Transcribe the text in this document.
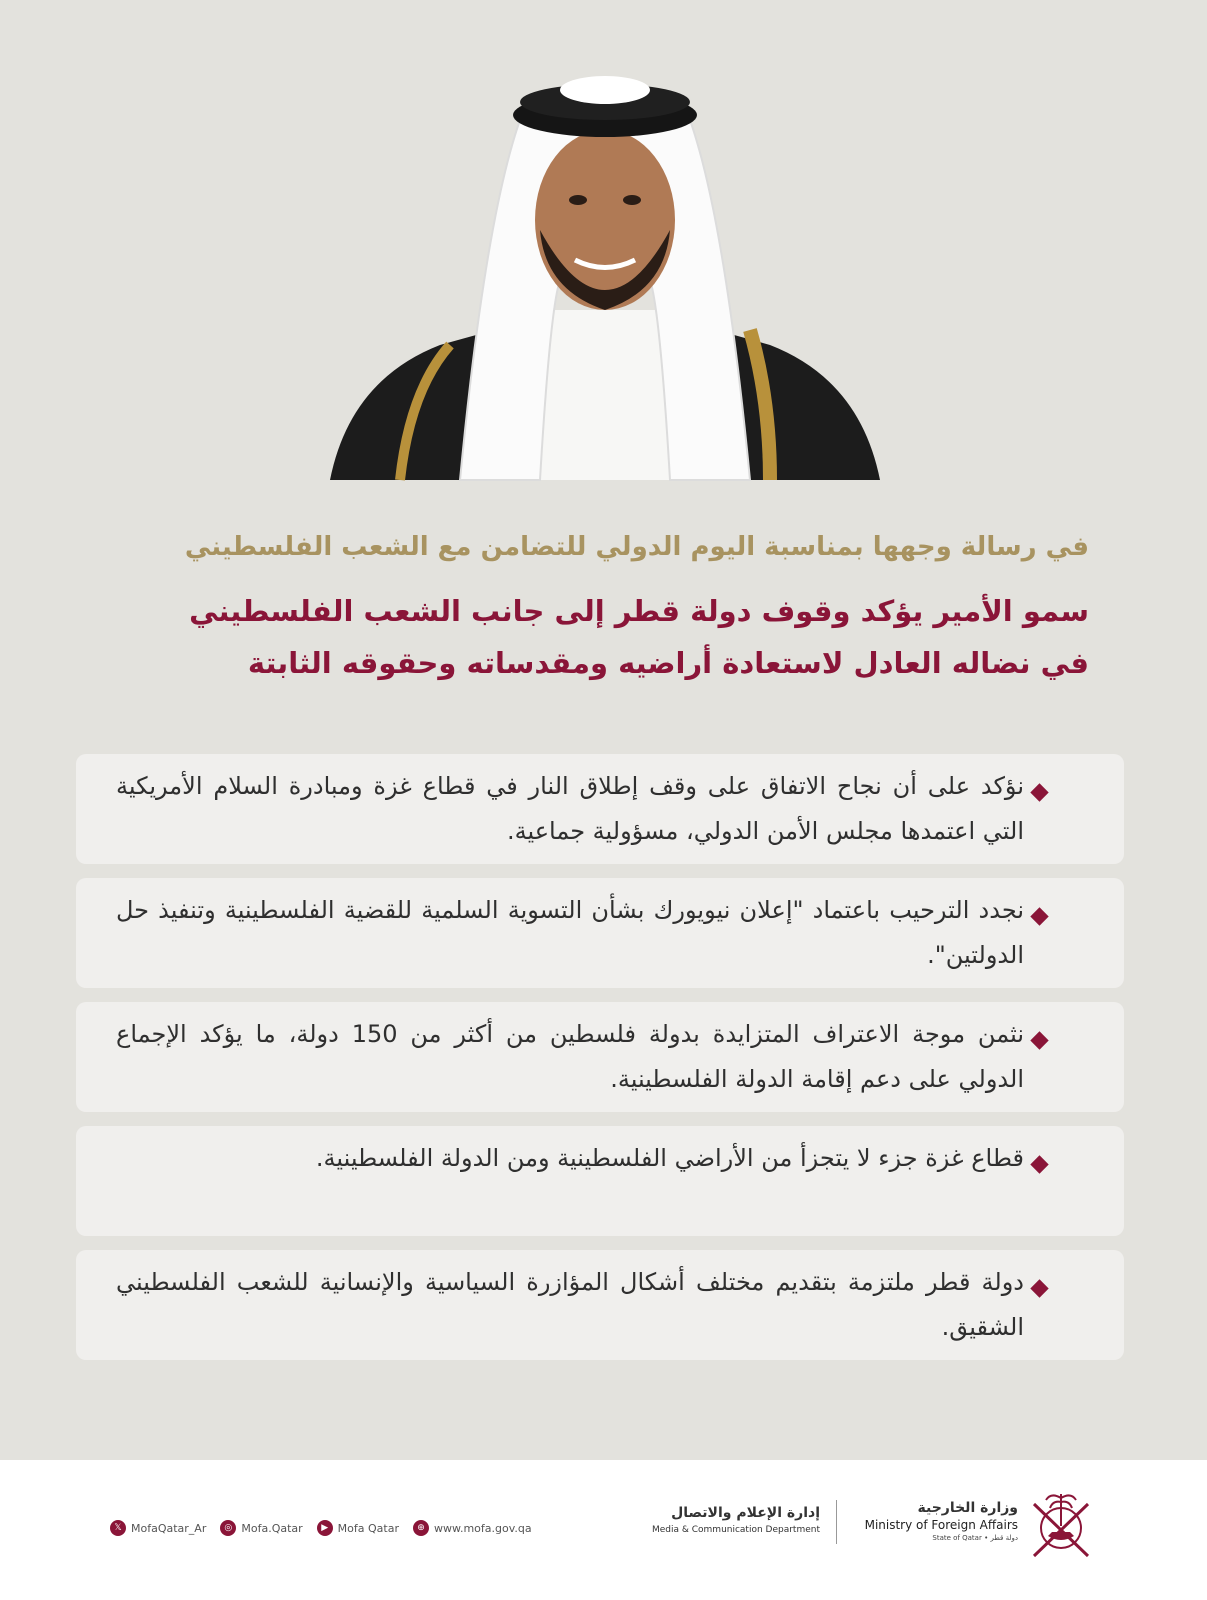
في رسالة وجهها بمناسبة اليوم الدولي للتضامن مع الشعب الفلسطيني
سمو الأمير يؤكد وقوف دولة قطر إلى جانب الشعب الفلسطيني
في نضاله العادل لاستعادة أراضيه ومقدساته وحقوقه الثابتة
نؤكد على أن نجاح الاتفاق على وقف إطلاق النار في قطاع غزة ومبادرة السلام الأمريكية التي اعتمدها مجلس الأمن الدولي، مسؤولية جماعية.
نجدد الترحيب باعتماد "إعلان نيويورك بشأن التسوية السلمية للقضية الفلسطينية وتنفيذ حل الدولتين".
نثمن موجة الاعتراف المتزايدة بدولة فلسطين من أكثر من 150 دولة، ما يؤكد الإجماع الدولي على دعم إقامة الدولة الفلسطينية.
قطاع غزة جزء لا يتجزأ من الأراضي الفلسطينية ومن الدولة الفلسطينية.
دولة قطر ملتزمة بتقديم مختلف أشكال المؤازرة السياسية والإنسانية للشعب الفلسطيني الشقيق.
𝕏 MofaQatar_Ar	◎ Mofa.Qatar	▶ Mofa Qatar	⊕ www.mofa.gov.qa
إدارة الإعلام والاتصال
Media & Communication Department
وزارة الخارجية
Ministry of Foreign Affairs
State of Qatar • دولة قطر
